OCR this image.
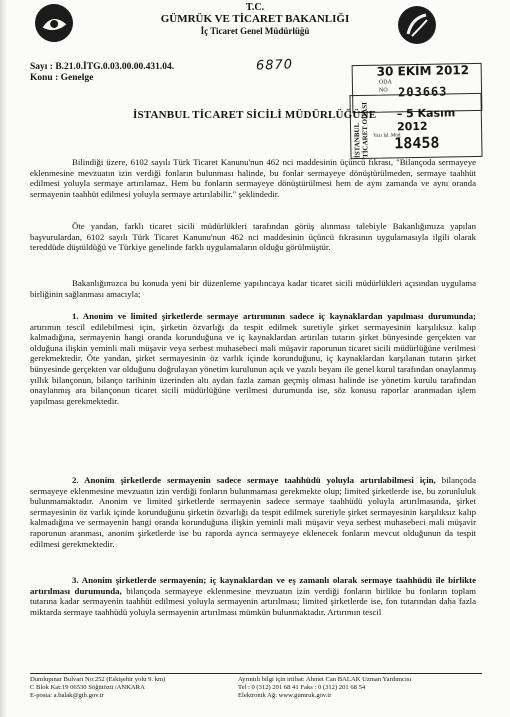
T.C.
GÜMRÜK VE TİCARET BAKANLIĞI
İç Ticaret Genel Müdürlüğü
Sayı : B.21.0.İTG.0.03.00.00.431.04.
Konu : Genelge
6870	30 EKİM 2012
ODA
NO 203663
İSTANBUL TİCARET ODASI – 5 Kasım 2012
Yazı İşl. Müd.
18458
İSTANBUL TİCARET SİCİLİ MÜDÜRLÜĞÜNE

Bilindiği üzere, 6102 sayılı Türk Ticaret Kanunu'nun 462 nci maddesinin üçüncü fıkrası, "Bilançoda sermayeye eklenmesine mevzuatın izin verdiği fonların bulunması halinde, bu fonlar sermayeye dönüştürülmeden, sermaye taahhüt edilmesi yoluyla sermaye artırılamaz. Hem bu fonların sermayeye dönüştürülmesi hem de aynı zamanda ve aynı oranda sermayenin taahhüt edilmesi yoluyla sermaye artırılabilir." şeklindedir.

Öte yandan, farklı ticaret sicili müdürlükleri tarafından görüş alınması talebiyle Bakanlığımıza yapılan başvurulardan, 6102 sayılı Türk Ticaret Kanunu'nun 462 nci maddesinin üçüncü fıkrasının uygulamasıyla ilgili olarak tereddüde düştüldüğü ve Türkiye genelinde farklı uygulamaların olduğu görülmüştür.

Bakanlığımızca bu konuda yeni bir düzenleme yapılıncaya kadar ticaret sicili müdürlükleri açısından uygulama birliğinin sağlanması amacıyla;

1. Anonim ve limited şirketlerde sermaye artırımının sadece iç kaynaklardan yapılması durumunda; artırımın tescil edilebilmesi için, şirketin özvarlığı da tespit edilmek suretiyle şirket sermayesinin karşılıksız kalıp kalmadığına, sermayenin hangi oranda korunduğuna ve iç kaynaklardan artırılan tutarın şirket bünyesinde gerçekten var olduğuna ilişkin yeminli mali müşavir veya serbest muhasebeci mali müşavir raporunun ticaret sicili müdürlüğüne verilmesi gerekmektedir. Öte yandan, şirket sermayesinin öz varlık içinde korunduğunu, iç kaynaklardan karşılanan tutarın şirket bünyesinde gerçekten var olduğunu doğrulayan yönetim kurulunun açık ve yazılı beyanı ile genel kurul tarafından onaylanmış yıllık bilançonun, bilanço tarihinin üzerinden altı aydan fazla zaman geçmiş olması halinde ise yönetim kurulu tarafından onaylanmış ara bilançonun ticaret sicili müdürlüğüne verilmesi durumunda ise, söz konusu raporlar aranmadan işlem yapılması gerekmektedir.

2. Anonim şirketlerde sermayenin sadece sermaye taahhüdü yoluyla artırılabilmesi için, bilançoda sermayeye eklenmesine mevzuatın izin verdiği fonların bulunmaması gerekmekte olup; limited şirketlerde ise, bu zorunluluk bulunmamaktadır. Anonim ve limited şirketlerde sermayenin sadece sermaye taahhüdü yoluyla artırılmasında, şirket sermayesinin öz varlık içinde korunduğunu şirketin özvarlığı da tespit edilmek suretiyle şirket sermayesinin karşılıksız kalıp kalmadığına ve sermayenin hangi oranda korunduğuna ilişkin yeminli mali müşavir veya serbest muhasebeci mali müşavir raporunun aranması, anonim şirketlerde ise bu raporda ayrıca sermayeye eklenecek fonların mevcut olduğunun da tespit edilmesi gerekmektedir.

3. Anonim şirketlerde sermayenin; iç kaynaklardan ve eş zamanlı olarak sermaye taahhüdü ile birlikte artırılması durumunda, bilançoda sermayeye eklenmesine mevzuatın izin verdiği fonların birlikte bu fonların toplam tutarına kadar sermayenin taahhüt edilmesi yoluyla sermayenin artırılması; limited şirketlerde ise, fon tutarından daha fazla miktarda sermaye taahhüdü yoluyla sermayenin artırılması mümkün bulunmaktadır. Artırımın tescil

Dumlupınar Bulvarı No:252 (Eskişehir yolu 9. km)
C Blok Kat:19 06530 Söğütözü /ANKARA
E-posta: a.balak@gtb.gov.tr
Ayrıntılı bilgi için irtibat: Ahmet Can BALAK Uzman Yardımcısı
Tel : 0 (312) 201 68 41 Faks : 0 (312) 201 68 54
Elektronik Ağ: www.gumruk.gov.tr
